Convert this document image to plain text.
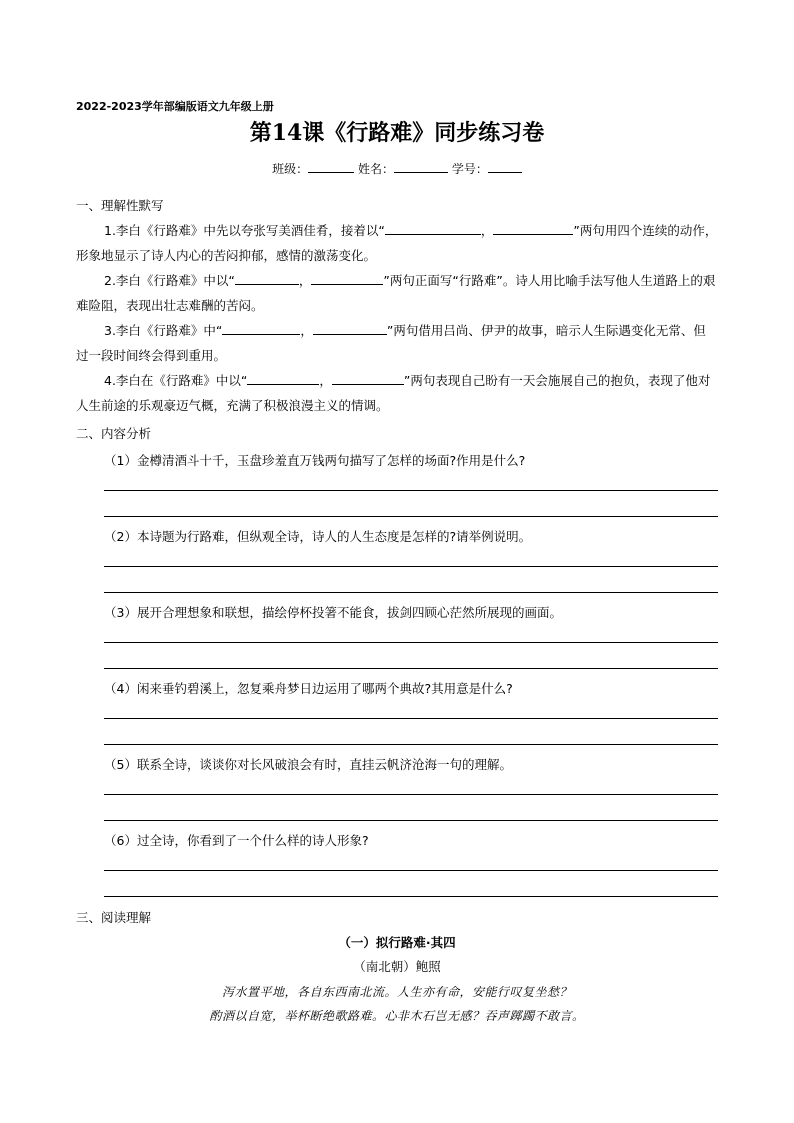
2022-2023学年部编版语文九年级上册
第14课《行路难》同步练习卷
班级：	姓名：	学号：
一、理解性默写
1.李白《行路难》中先以夸张写美酒佳肴，接着以“	，	”两句用四个连续的动作，形象地显示了诗人内心的苦闷抑郁，感情的激荡变化。
2.李白《行路难》中以“	，	”两句正面写“行路难”。诗人用比喻手法写他人生道路上的艰难险阻，表现出壮志难酬的苦闷。
3.李白《行路难》中“	，	”两句借用吕尚、伊尹的故事，暗示人生际遇变化无常、但过一段时间终会得到重用。
4.李白在《行路难》中以“	，	”两句表现自己盼有一天会施展自己的抱负，表现了他对人生前途的乐观豪迈气概，充满了积极浪漫主义的情调。
二、内容分析
（1）金樽清酒斗十千，玉盘珍羞直万钱两句描写了怎样的场面?作用是什么?
（2）本诗题为行路难，但纵观全诗，诗人的人生态度是怎样的?请举例说明。
（3）展开合理想象和联想，描绘停杯投箸不能食，拔剑四顾心茫然所展现的画面。
（4）闲来垂钓碧溪上，忽复乘舟梦日边运用了哪两个典故?其用意是什么?
（5）联系全诗，谈谈你对长风破浪会有时，直挂云帆济沧海一句的理解。
（6）过全诗，你看到了一个什么样的诗人形象?
三、阅读理解
（一）拟行路难·其四
（南北朝）鲍照
泻水置平地，各自东西南北流。人生亦有命，安能行叹复坐愁？
酌酒以自宽，举杯断绝歌路难。心非木石岂无感？吞声踯躅不敢言。
